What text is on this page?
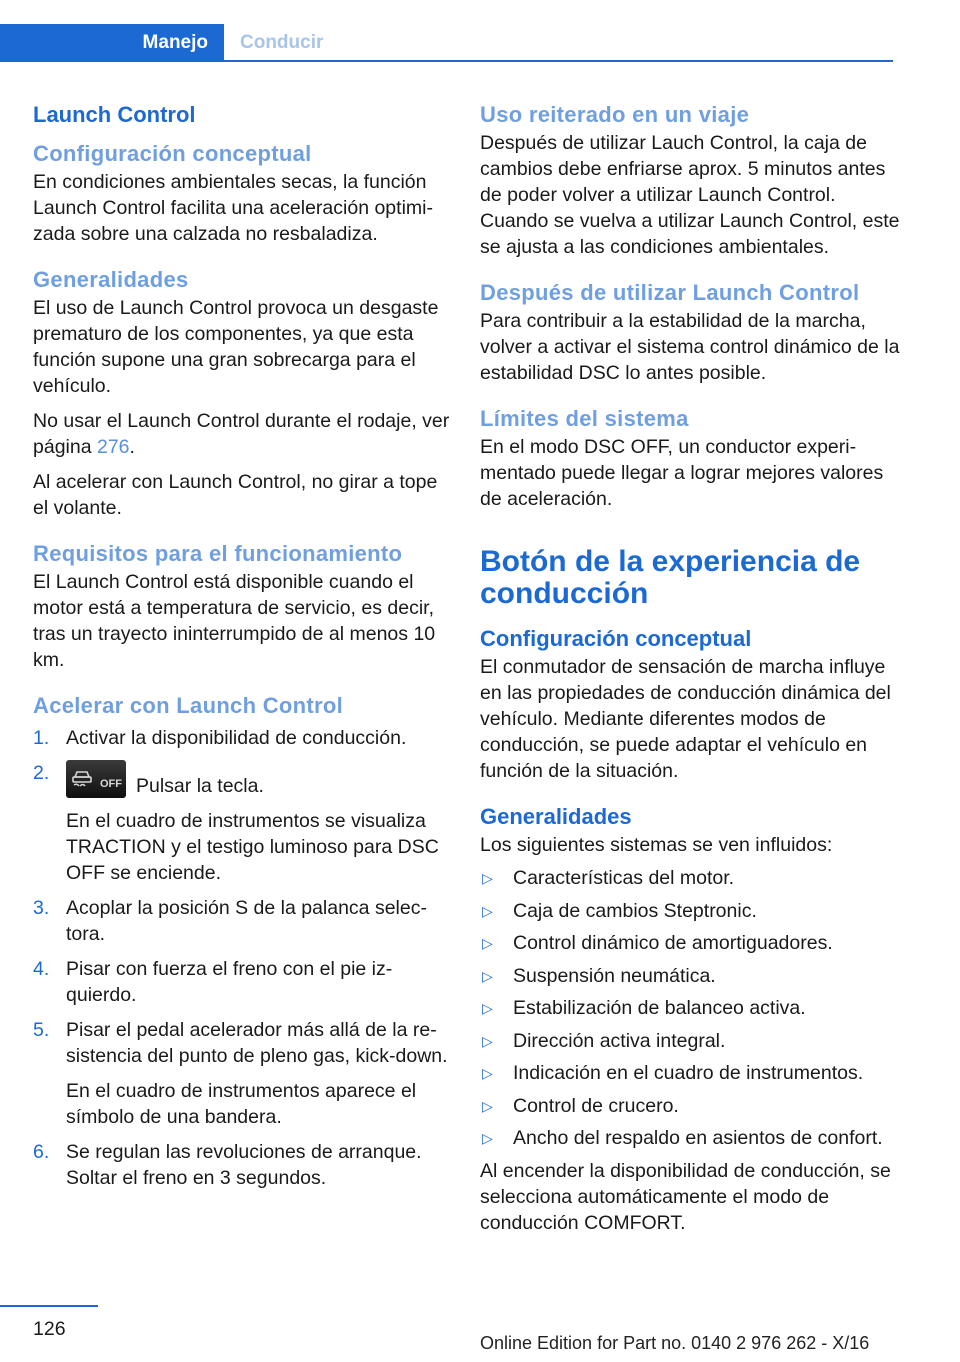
Manejo Conducir
Launch Control
Configuración conceptual

En condiciones ambientales secas, la función Launch Control facilita una aceleración optimizada sobre una calzada no resbaladiza.

Generalidades

El uso de Launch Control provoca un desgaste prematuro de los componentes, ya que esta función supone una gran sobrecarga para el vehículo.

No usar el Launch Control durante el rodaje, ver página 276.

Al acelerar con Launch Control, no girar a tope el volante.

Requisitos para el funcionamiento

El Launch Control está disponible cuando el motor está a temperatura de servicio, es decir, tras un trayecto ininterrumpido de al menos 10 km.

Acelerar con Launch Control
1. Activar la disponibilidad de conducción.

2.	OFF Pulsar la tecla.

En el cuadro de instrumentos se visualiza TRACTION y el testigo luminoso para DSC OFF se enciende.

3. Acoplar la posición S de la palanca selectora.

4. Pisar con fuerza el freno con el pie izquierdo.

5. Pisar el pedal acelerador más allá de la resistencia del punto de pleno gas, kick-down.

En el cuadro de instrumentos aparece el símbolo de una bandera.

6. Se regulan las revoluciones de arranque. Soltar el freno en 3 segundos.

Uso reiterado en un viaje

Después de utilizar Lauch Control, la caja de cambios debe enfriarse aprox. 5 minutos antes de poder volver a utilizar Launch Control. Cuando se vuelva a utilizar Launch Control, este se ajusta a las condiciones ambientales.

Después de utilizar Launch Control

Para contribuir a la estabilidad de la marcha, volver a activar el sistema control dinámico de la estabilidad DSC lo antes posible.

Límites del sistema

En el modo DSC OFF, un conductor experimentado puede llegar a lograr mejores valores de aceleración.

Botón de la experiencia de conducción
Configuración conceptual

El conmutador de sensación de marcha influye en las propiedades de conducción dinámica del vehículo. Mediante diferentes modos de conducción, se puede adaptar el vehículo en función de la situación.

Generalidades

Los siguientes sistemas se ven influidos:

▷	Características del motor.
▷	Caja de cambios Steptronic.
▷	Control dinámico de amortiguadores.
▷	Suspensión neumática.
▷	Estabilización de balanceo activa.
▷	Dirección activa integral.
▷	Indicación en el cuadro de instrumentos.
▷	Control de crucero.
▷	Ancho del respaldo en asientos de confort.

Al encender la disponibilidad de conducción, se selecciona automáticamente el modo de conducción COMFORT.

126
Online Edition for Part no. 0140 2 976 262 - X/16
